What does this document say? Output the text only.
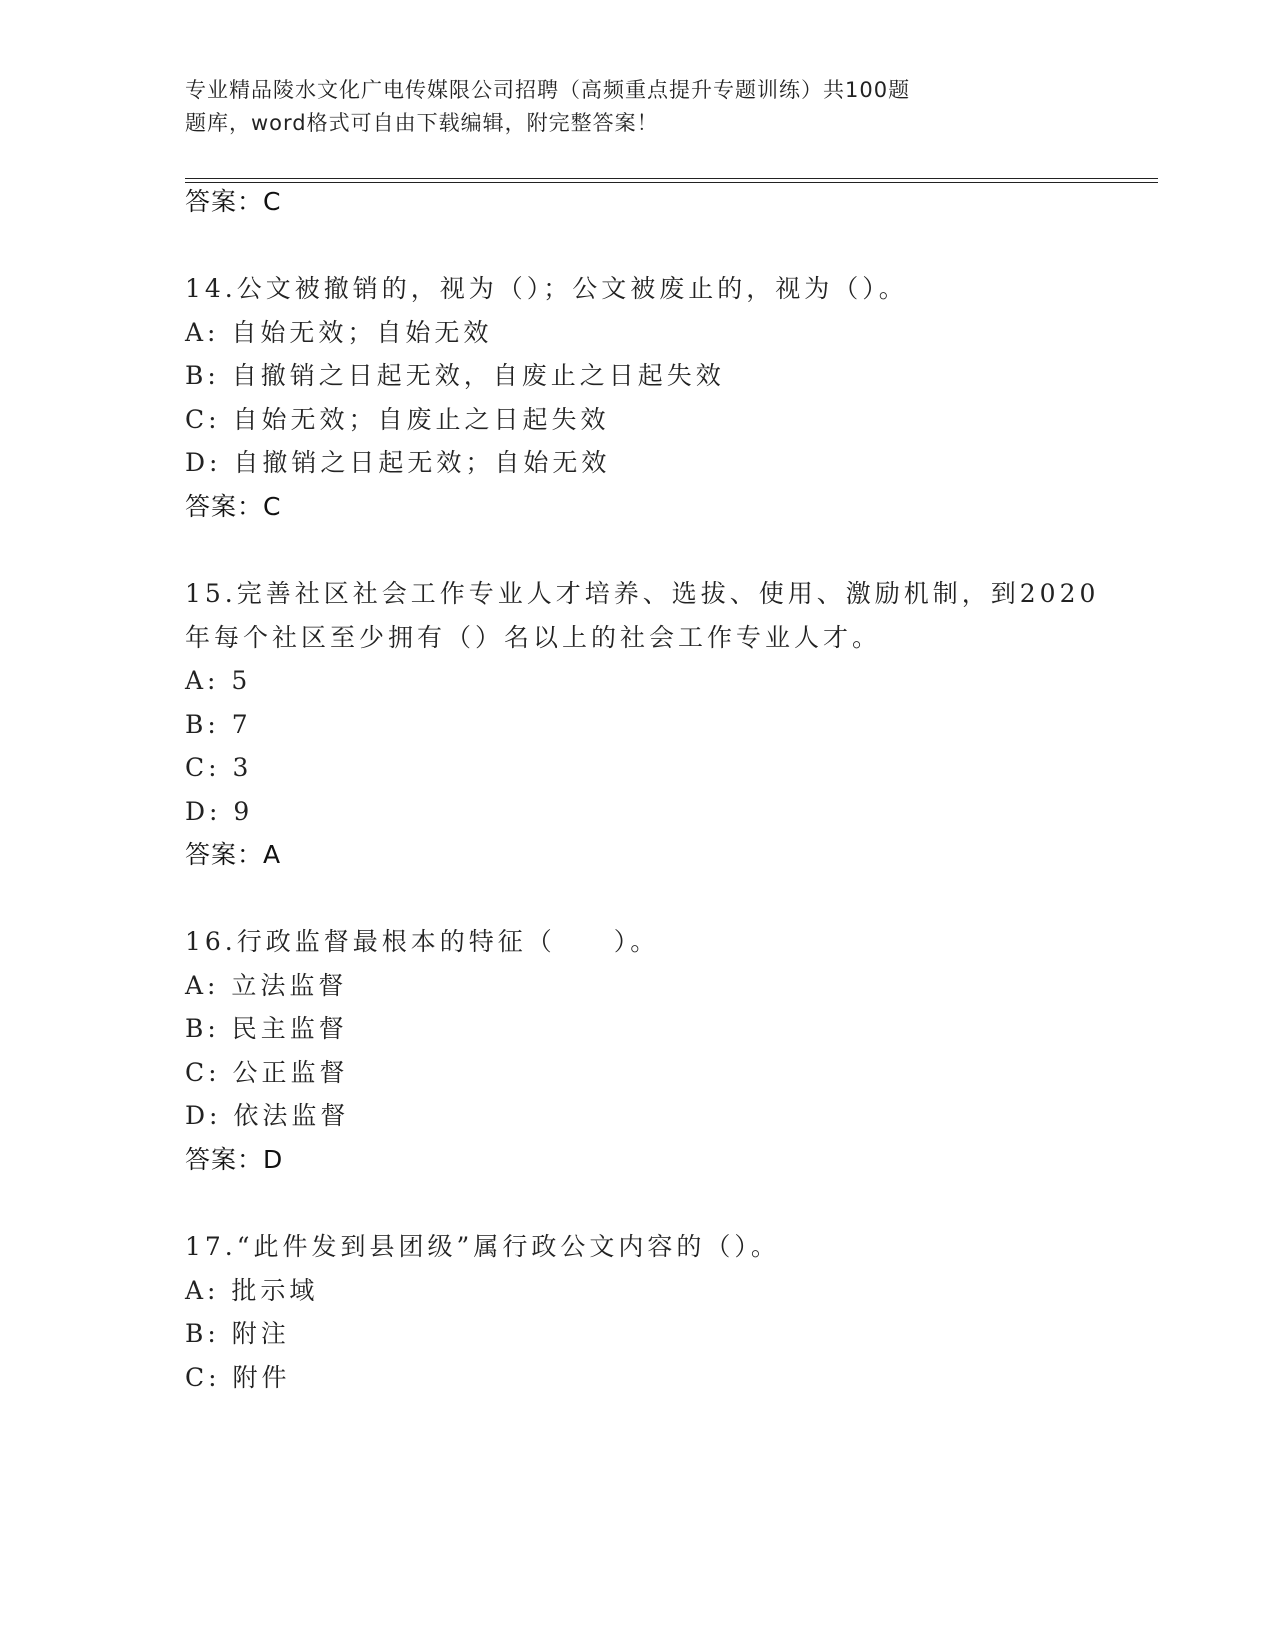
专业精品陵水文化广电传媒限公司招聘（高频重点提升专题训练）共100题
题库，word格式可自由下载编辑，附完整答案！
答案：C
14.公文被撤销的，视为（）；公文被废止的，视为（）。
A: 自始无效；自始无效
B: 自撤销之日起无效，自废止之日起失效
C: 自始无效；自废止之日起失效
D: 自撤销之日起无效；自始无效
答案：C
15.完善社区社会工作专业人才培养、选拔、使用、激励机制，到2020
年每个社区至少拥有（）名以上的社会工作专业人才。
A: 5
B: 7
C: 3
D: 9
答案：A
16.行政监督最根本的特征（　　）。
A: 立法监督
B: 民主监督
C: 公正监督
D: 依法监督
答案：D
17.“此件发到县团级”属行政公文内容的（）。
A: 批示域
B: 附注
C: 附件
